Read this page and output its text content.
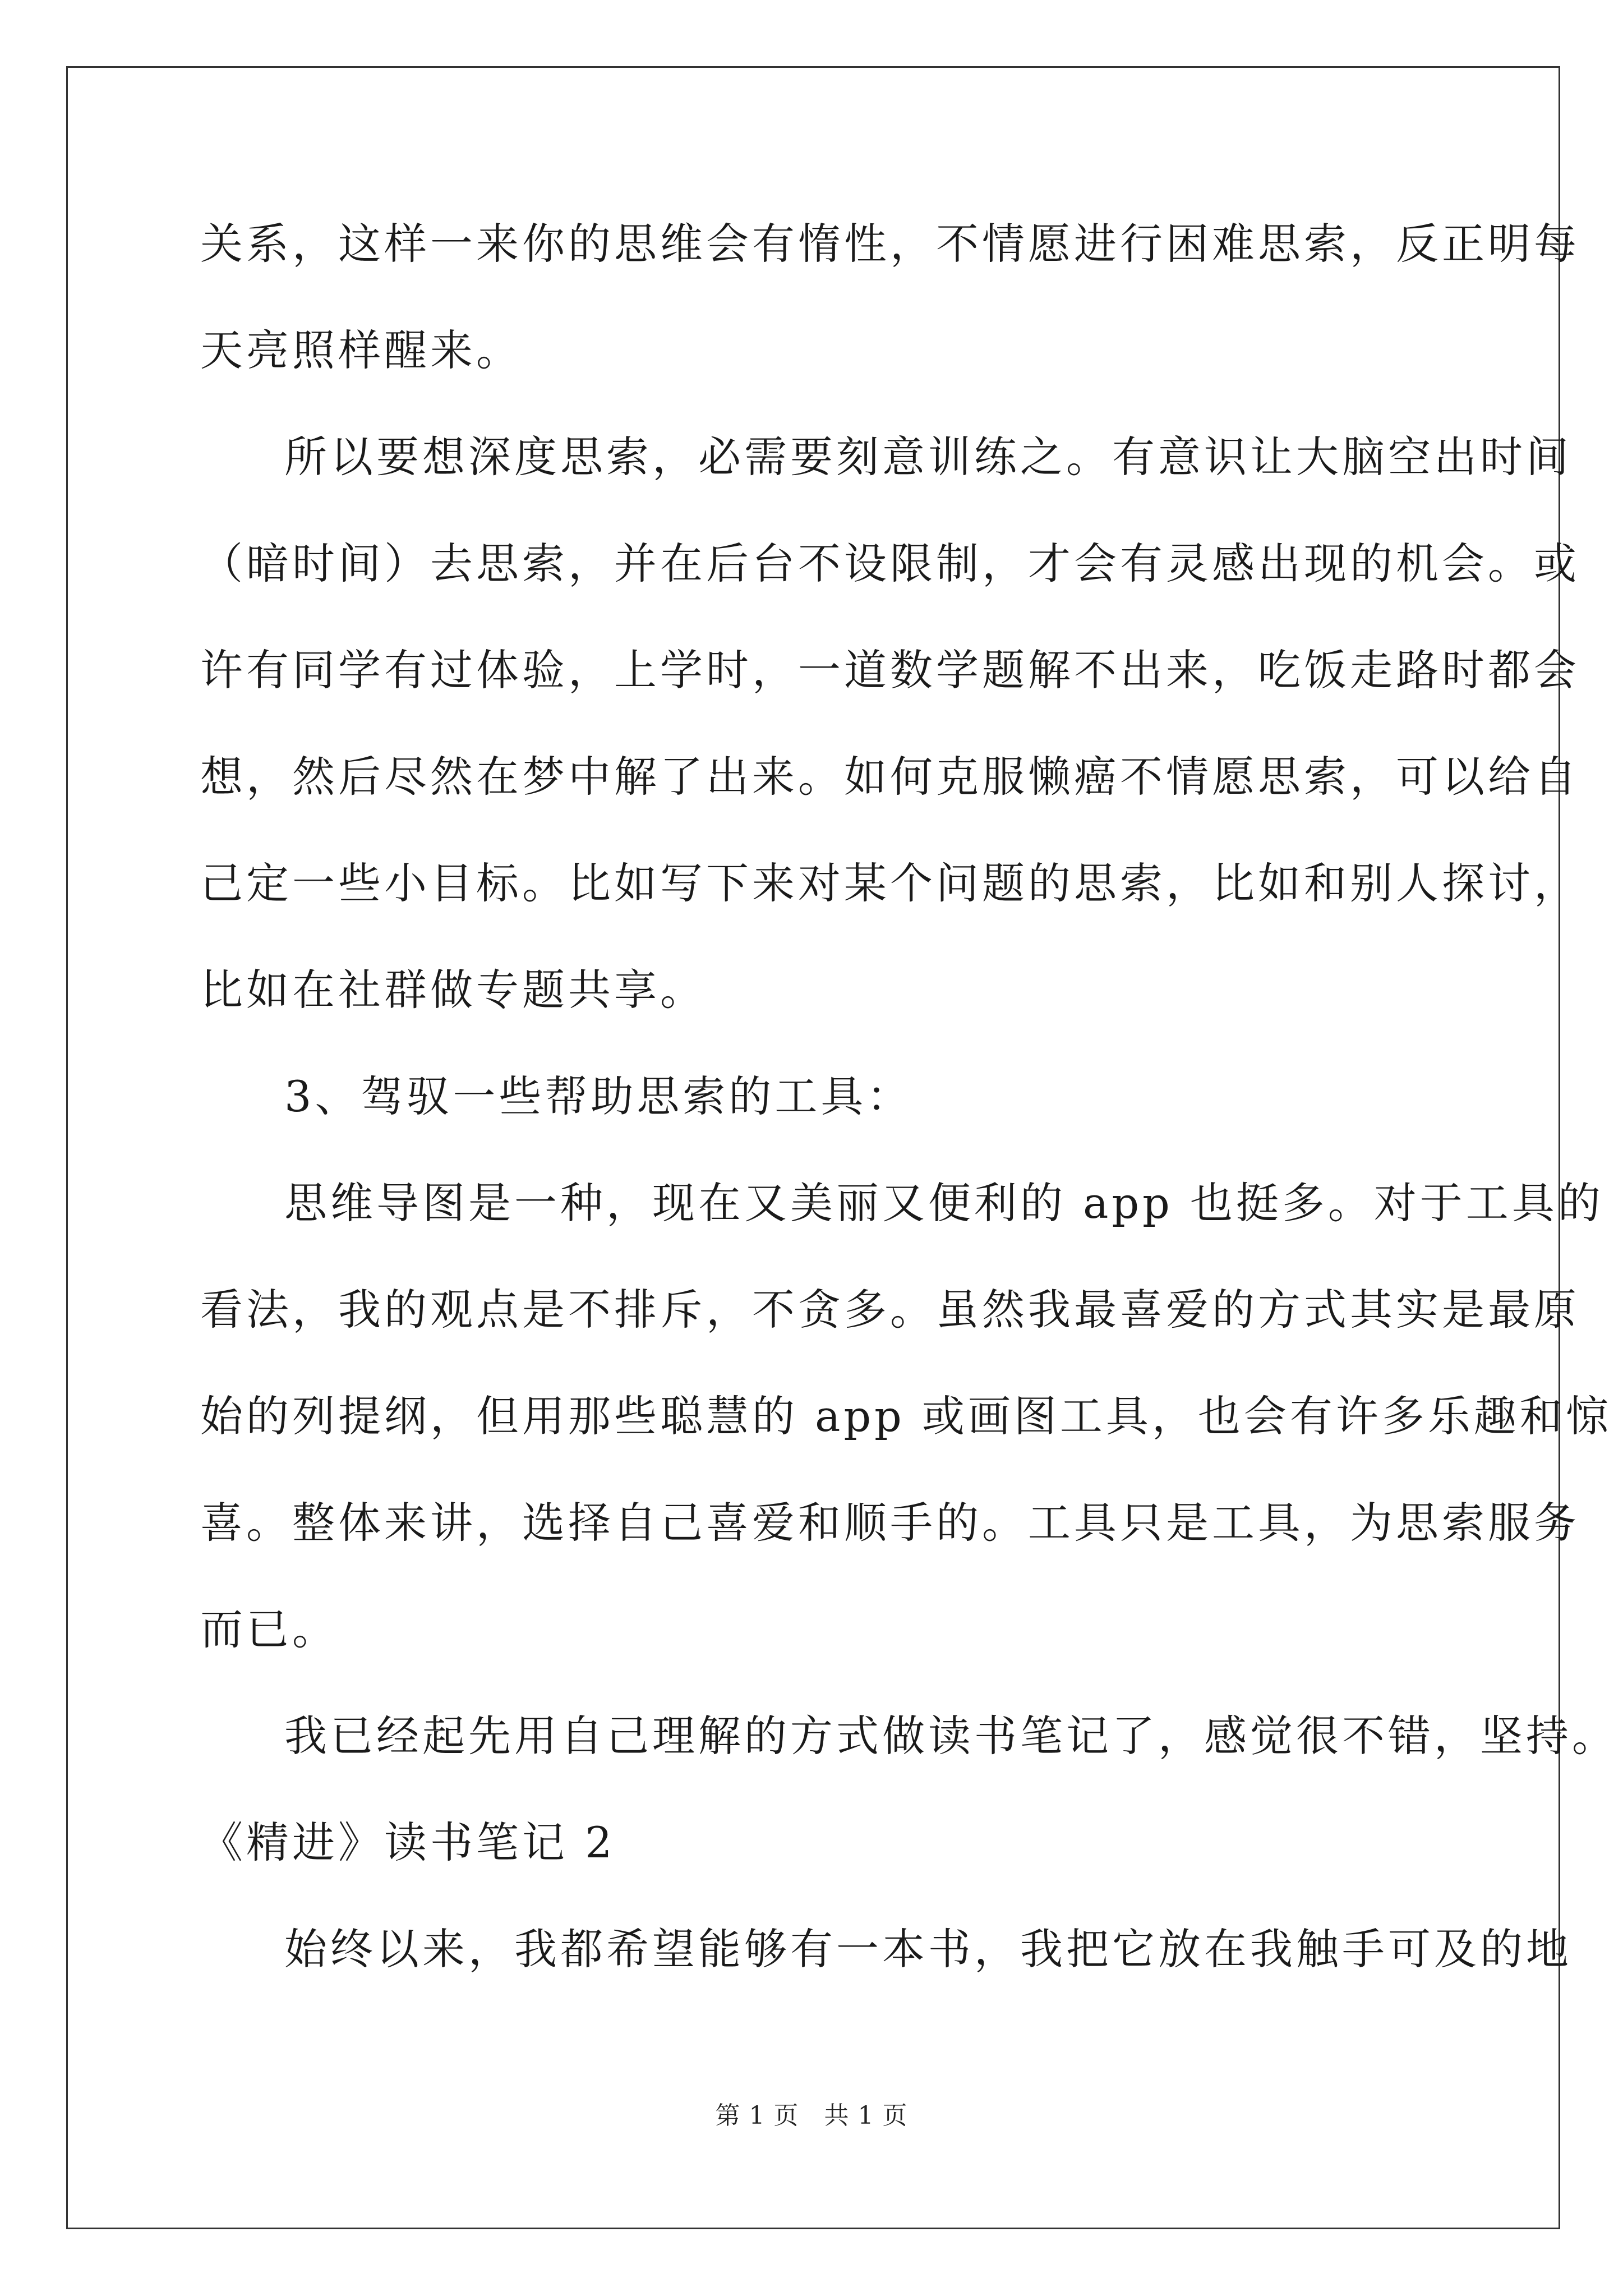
关系，这样一来你的思维会有惰性，不情愿进行困难思索，反正明每
天亮照样醒来。
所以要想深度思索，必需要刻意训练之。有意识让大脑空出时间
（暗时间）去思索，并在后台不设限制，才会有灵感出现的机会。或
许有同学有过体验，上学时，一道数学题解不出来，吃饭走路时都会
想，然后尽然在梦中解了出来。如何克服懒癌不情愿思索，可以给自
己定一些小目标。比如写下来对某个问题的思索，比如和别人探讨，
比如在社群做专题共享。
3、驾驭一些帮助思索的工具：
思维导图是一种，现在又美丽又便利的 app 也挺多。对于工具的
看法，我的观点是不排斥，不贪多。虽然我最喜爱的方式其实是最原
始的列提纲，但用那些聪慧的 app 或画图工具，也会有许多乐趣和惊
喜。整体来讲，选择自己喜爱和顺手的。工具只是工具，为思索服务
而已。
我已经起先用自己理解的方式做读书笔记了，感觉很不错，坚持。
《精进》读书笔记 2
始终以来，我都希望能够有一本书，我把它放在我触手可及的地
第 1 页 共 1 页
